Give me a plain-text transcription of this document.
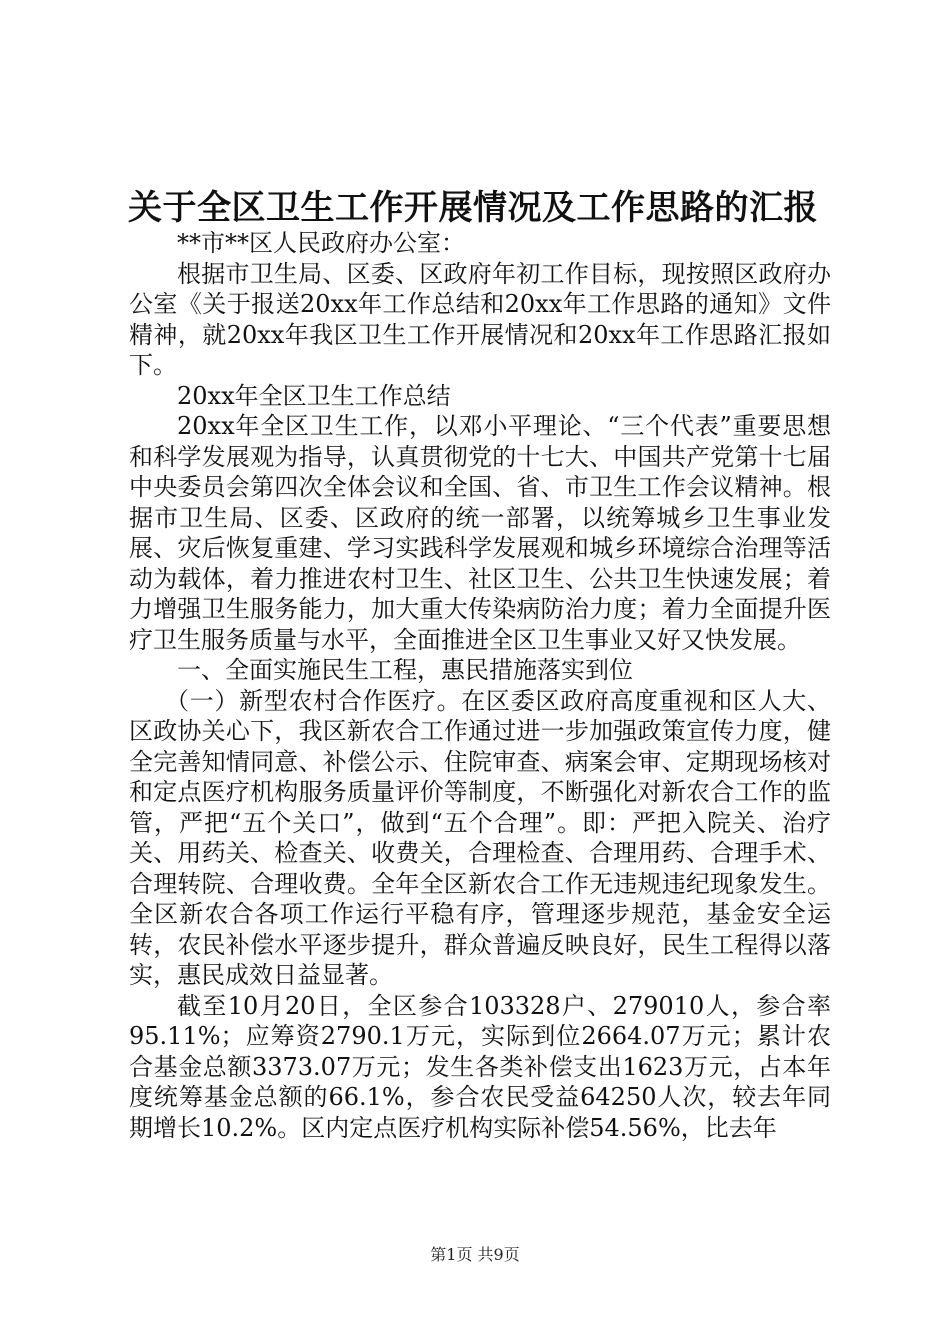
关于全区卫生工作开展情况及工作思路的汇报

**市**区人民政府办公室：

根据市卫生局、区委、区政府年初工作目标，现按照区政府办公室《关于报送20xx年工作总结和20xx年工作思路的通知》文件精神，就20xx年我区卫生工作开展情况和20xx年工作思路汇报如下。

20xx年全区卫生工作总结

20xx年全区卫生工作，以邓小平理论、“三个代表”重要思想和科学发展观为指导，认真贯彻党的十七大、中国共产党第十七届中央委员会第四次全体会议和全国、省、市卫生工作会议精神。根据市卫生局、区委、区政府的统一部署，以统筹城乡卫生事业发展、灾后恢复重建、学习实践科学发展观和城乡环境综合治理等活动为载体，着力推进农村卫生、社区卫生、公共卫生快速发展；着力增强卫生服务能力，加大重大传染病防治力度；着力全面提升医疗卫生服务质量与水平，全面推进全区卫生事业又好又快发展。

一、全面实施民生工程，惠民措施落实到位

（一）新型农村合作医疗。在区委区政府高度重视和区人大、区政协关心下，我区新农合工作通过进一步加强政策宣传力度，健全完善知情同意、补偿公示、住院审查、病案会审、定期现场核对和定点医疗机构服务质量评价等制度，不断强化对新农合工作的监管，严把“五个关口”，做到“五个合理”。即：严把入院关、治疗关、用药关、检查关、收费关，合理检查、合理用药、合理手术、合理转院、合理收费。全年全区新农合工作无违规违纪现象发生。全区新农合各项工作运行平稳有序，管理逐步规范，基金安全运转，农民补偿水平逐步提升，群众普遍反映良好，民生工程得以落实，惠民成效日益显著。

截至10月20日，全区参合103328户、279010人，参合率95.11%；应筹资2790.1万元，实际到位2664.07万元；累计农合基金总额3373.07万元；发生各类补偿支出1623万元，占本年度统筹基金总额的66.1%，参合农民受益64250人次，较去年同期增长10.2%。区内定点医疗机构实际补偿54.56%，比去年

第1页 共9页
